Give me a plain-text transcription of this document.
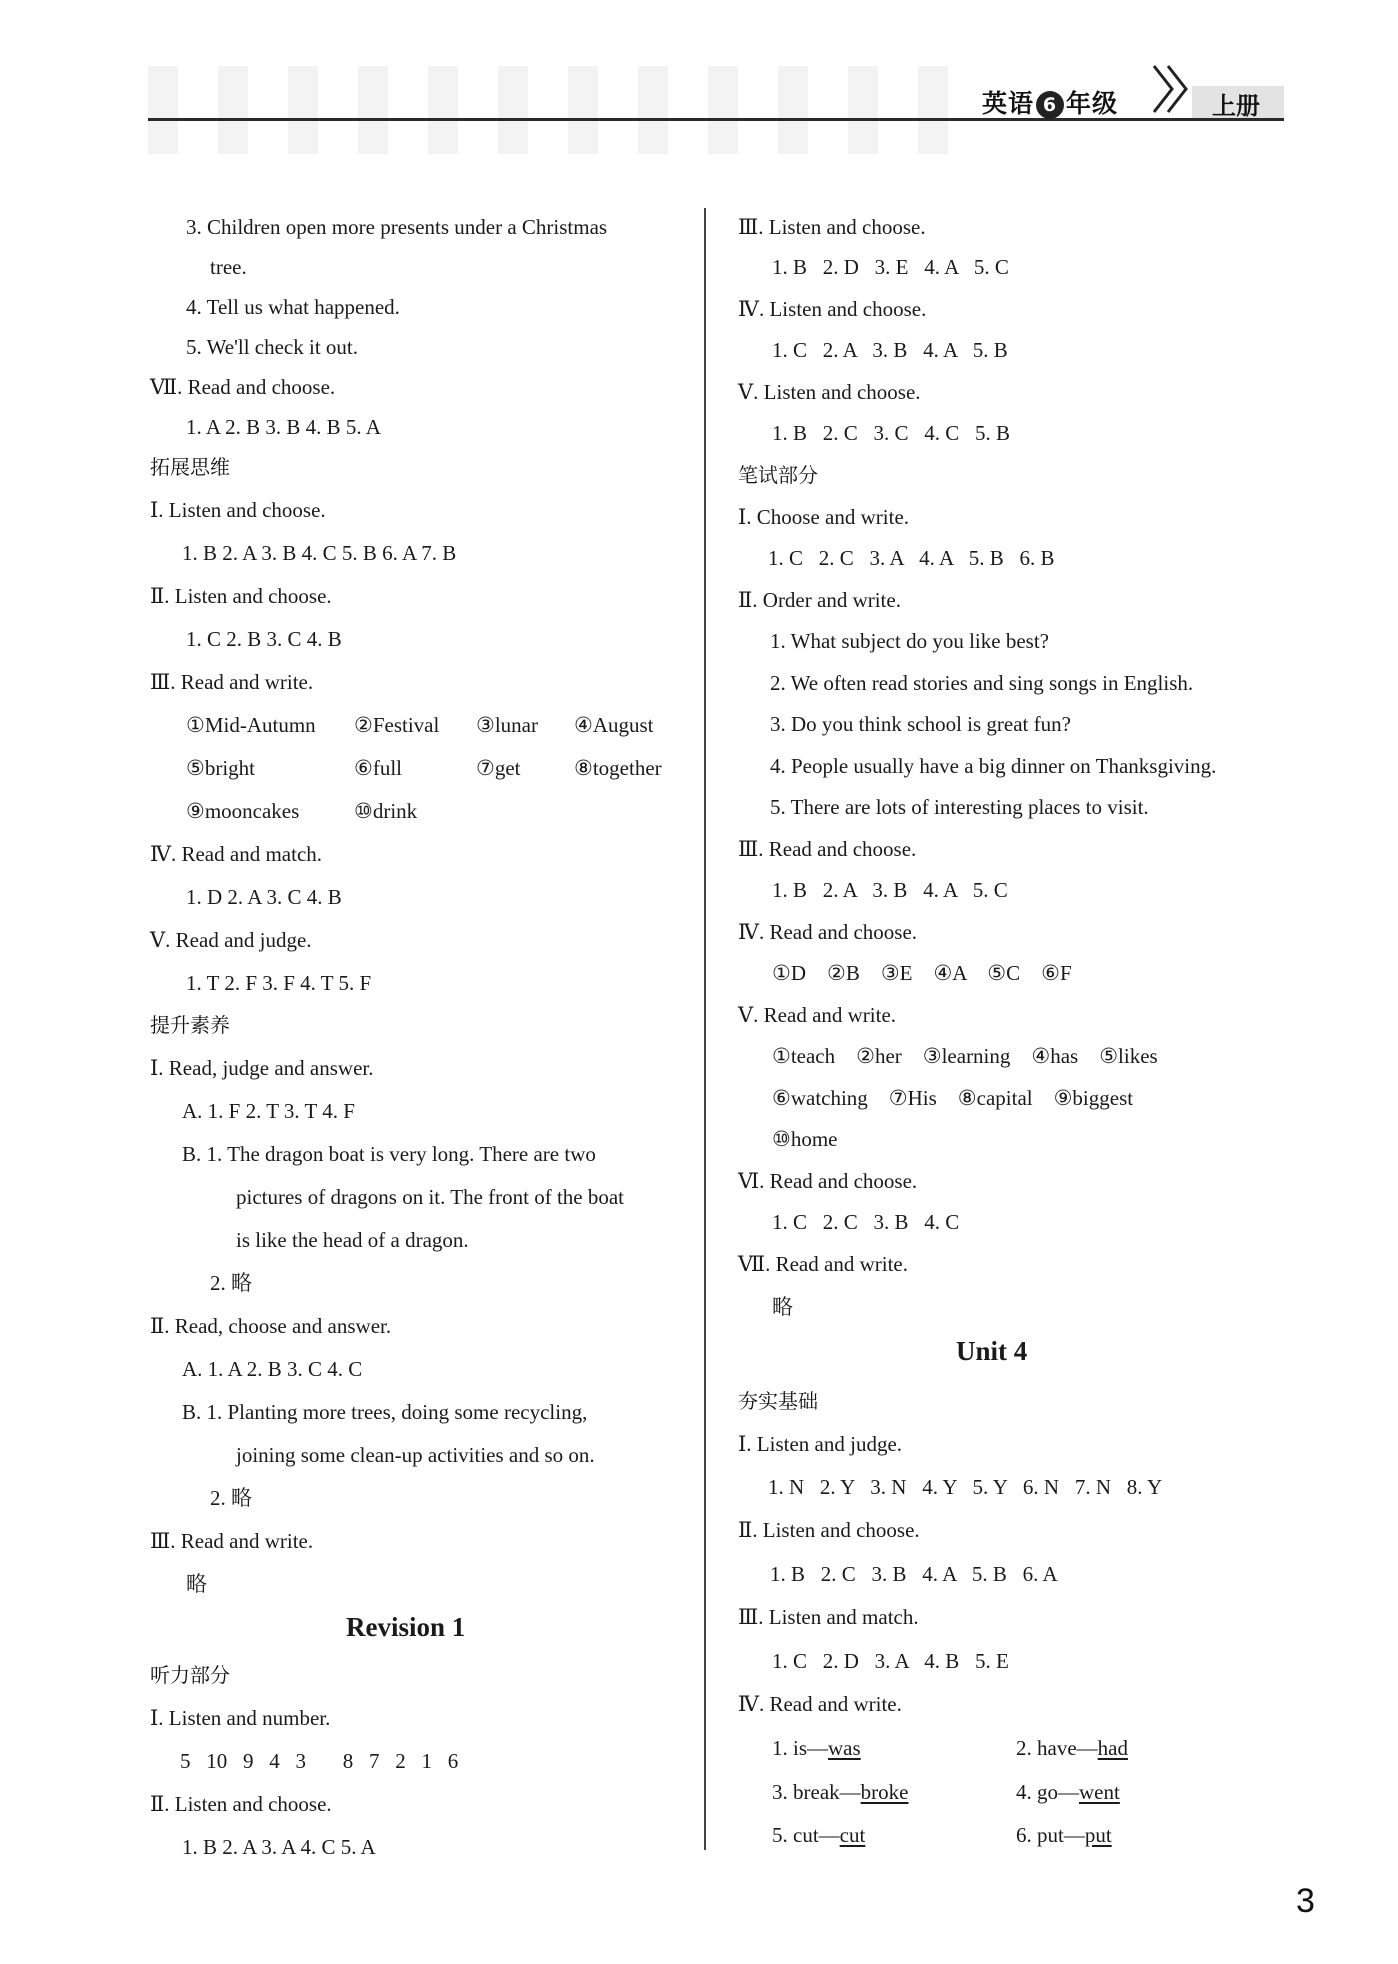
英语 6 年级	上册
3. Children open more presents under a Christmas
tree.
4. Tell us what happened.
5. We'll check it out.
Ⅶ. Read and choose.
1. A 2. B 3. B 4. B 5. A
拓展思维
Ⅰ. Listen and choose.
1. B 2. A 3. B 4. C 5. B 6. A 7. B
Ⅱ. Listen and choose.
1. C 2. B 3. C 4. B
Ⅲ. Read and write.
①Mid-Autumn ②Festival ③lunar ④August
⑤bright	⑥full	⑦get	⑧together
⑨mooncakes	⑩drink
Ⅳ. Read and match.
1. D 2. A 3. C 4. B
Ⅴ. Read and judge.
1. T 2. F 3. F 4. T 5. F
提升素养
Ⅰ. Read, judge and answer.
A. 1. F 2. T 3. T 4. F
B. 1. The dragon boat is very long. There are two
pictures of dragons on it. The front of the boat
is like the head of a dragon.
2. 略
Ⅱ. Read, choose and answer.
A. 1. A 2. B 3. C 4. C
B. 1. Planting more trees, doing some recycling,
joining some clean-up activities and so on.
2. 略
Ⅲ. Read and write.
略
Revision 1
听力部分
Ⅰ. Listen and number.
5   10   9   4   3       8   7   2   1   6
Ⅱ. Listen and choose.
1. B 2. A 3. A 4. C 5. A
Ⅲ. Listen and choose.
1. B   2. D   3. E   4. A   5. C
Ⅳ. Listen and choose.
1. C   2. A   3. B   4. A   5. B
Ⅴ. Listen and choose.
1. B   2. C   3. C   4. C   5. B
笔试部分
Ⅰ. Choose and write.
1. C   2. C   3. A   4. A   5. B   6. B
Ⅱ. Order and write.
1. What subject do you like best?
2. We often read stories and sing songs in English.
3. Do you think school is great fun?
4. People usually have a big dinner on Thanksgiving.
5. There are lots of interesting places to visit.
Ⅲ. Read and choose.
1. B   2. A   3. B   4. A   5. C
Ⅳ. Read and choose.
①D    ②B    ③E    ④A    ⑤C    ⑥F
Ⅴ. Read and write.
①teach    ②her    ③learning    ④has    ⑤likes
⑥watching    ⑦His    ⑧capital    ⑨biggest
⑩home
Ⅵ. Read and choose.
1. C   2. C   3. B   4. C
Ⅶ. Read and write.
略
Unit 4
夯实基础
Ⅰ. Listen and judge.
1. N   2. Y   3. N   4. Y   5. Y   6. N   7. N   8. Y
Ⅱ. Listen and choose.
1. B   2. C   3. B   4. A   5. B   6. A
Ⅲ. Listen and match.
1. C   2. D   3. A   4. B   5. E
Ⅳ. Read and write.
1. is—was	2. have—had
3. break—broke	4. go—went
5. cut—cut	6. put—put
3
